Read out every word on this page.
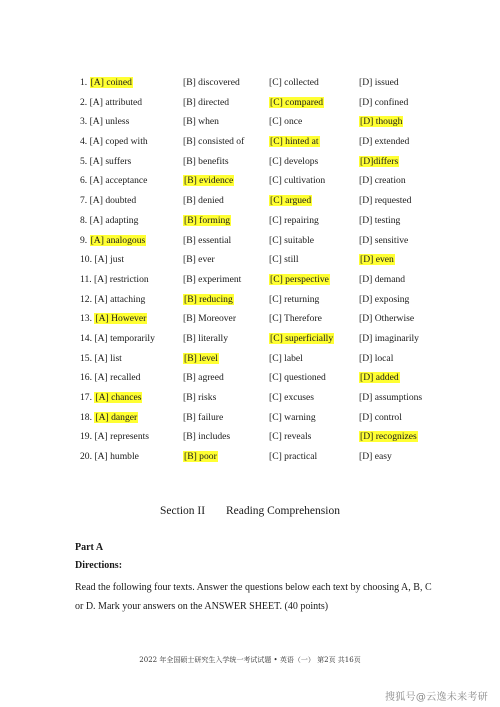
1. [A] coined	[B] discovered	[C] collected	[D] issued
2. [A] attributed	[B] directed	[C] compared	[D] confined
3. [A] unless	[B] when	[C] once	[D] though
4. [A] coped with	[B] consisted of	[C] hinted at	[D] extended
5. [A] suffers	[B] benefits	[C] develops	[D]differs
6. [A] acceptance	[B] evidence	[C] cultivation	[D] creation
7. [A] doubted	[B] denied	[C] argued	[D] requested
8. [A] adapting	[B] forming	[C] repairing	[D] testing
9. [A] analogous	[B] essential	[C] suitable	[D] sensitive
10. [A] just	[B] ever	[C] still	[D] even
11. [A] restriction	[B] experiment	[C] perspective	[D] demand
12. [A] attaching	[B] reducing	[C] returning	[D] exposing
13. [A] However	[B] Moreover	[C] Therefore	[D] Otherwise
14. [A] temporarily	[B] literally	[C] superficially	[D] imaginarily
15. [A] list	[B] level	[C] label	[D] local
16. [A] recalled	[B] agreed	[C] questioned	[D] added
17. [A] chances	[B] risks	[C] excuses	[D] assumptions
18. [A] danger	[B] failure	[C] warning	[D] control
19. [A] represents	[B] includes	[C] reveals	[D] recognizes
20. [A] humble	[B] poor	[C] practical	[D] easy
Section II Reading Comprehension
Part A
Directions:
Read the following four texts. Answer the questions below each text by choosing A, B, C or D. Mark your answers on the ANSWER SHEET. (40 points)
2022 年全国硕士研究生入学统一考试试题 • 英语（一） 第2页 共16页
搜狐号@云逸未来考研
